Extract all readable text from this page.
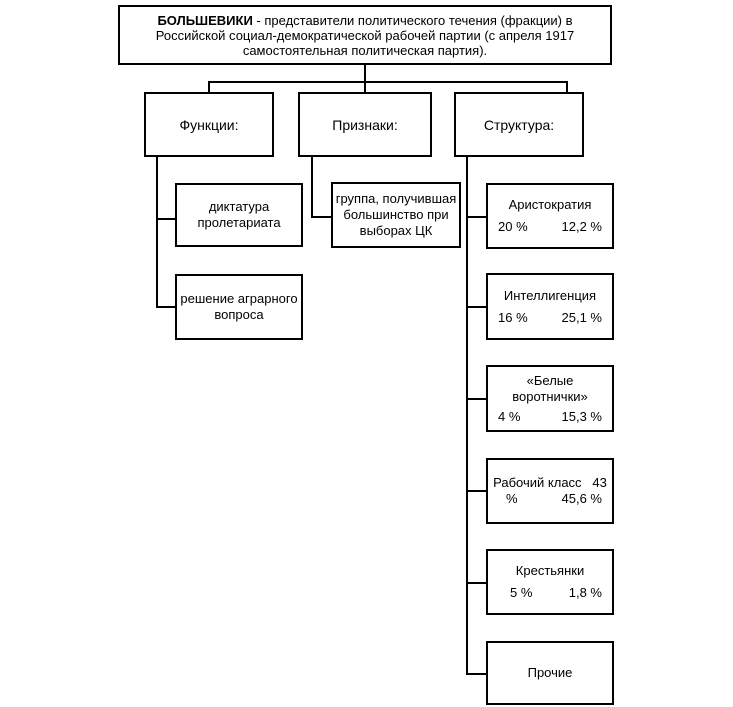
БОЛЬШЕВИКИ - представители политического течения (фракции) в Российской социал-демократической рабочей партии (с апреля 1917 самостоятельная политическая партия).
Функции:	Признаки:	Структура:
диктатура пролетариата
решение аграрного вопроса
группа, получившая большинство при выборах ЦК
Аристократия
20 %	12,2 %
Интеллигенция
16 %	25,1 %
«Белые воротнички»
4 %	15,3 %
Рабочий класс   43
%	45,6 %
Крестьянки
5 %	1,8 %
Прочие
